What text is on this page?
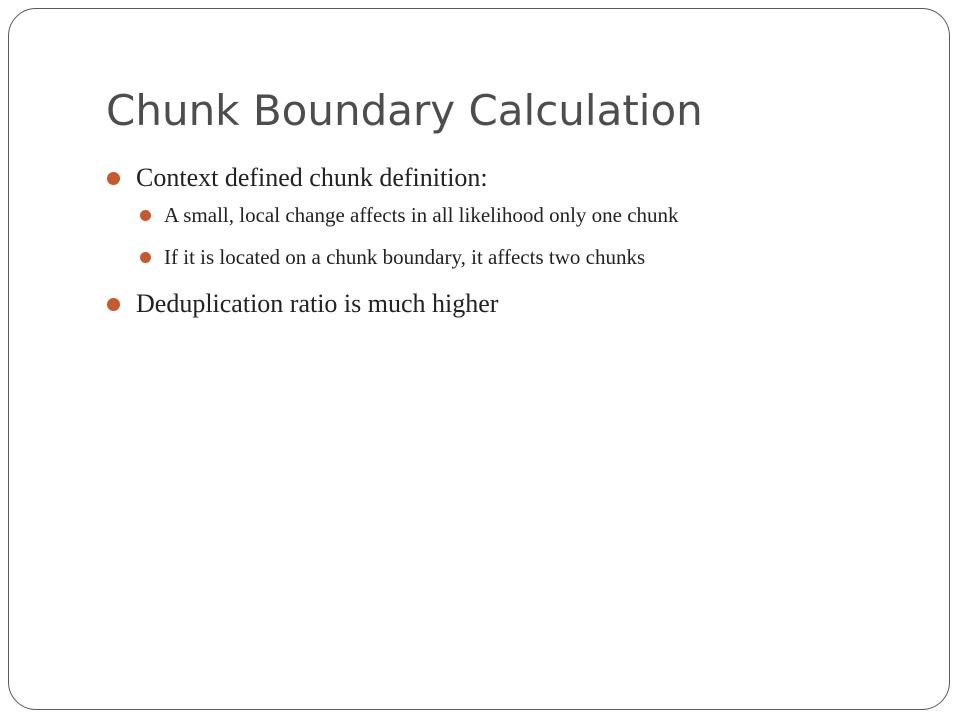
Chunk Boundary Calculation
Context defined chunk definition:
A small, local change affects in all likelihood only one chunk
If it is located on a chunk boundary, it affects two chunks
Deduplication ratio is much higher
